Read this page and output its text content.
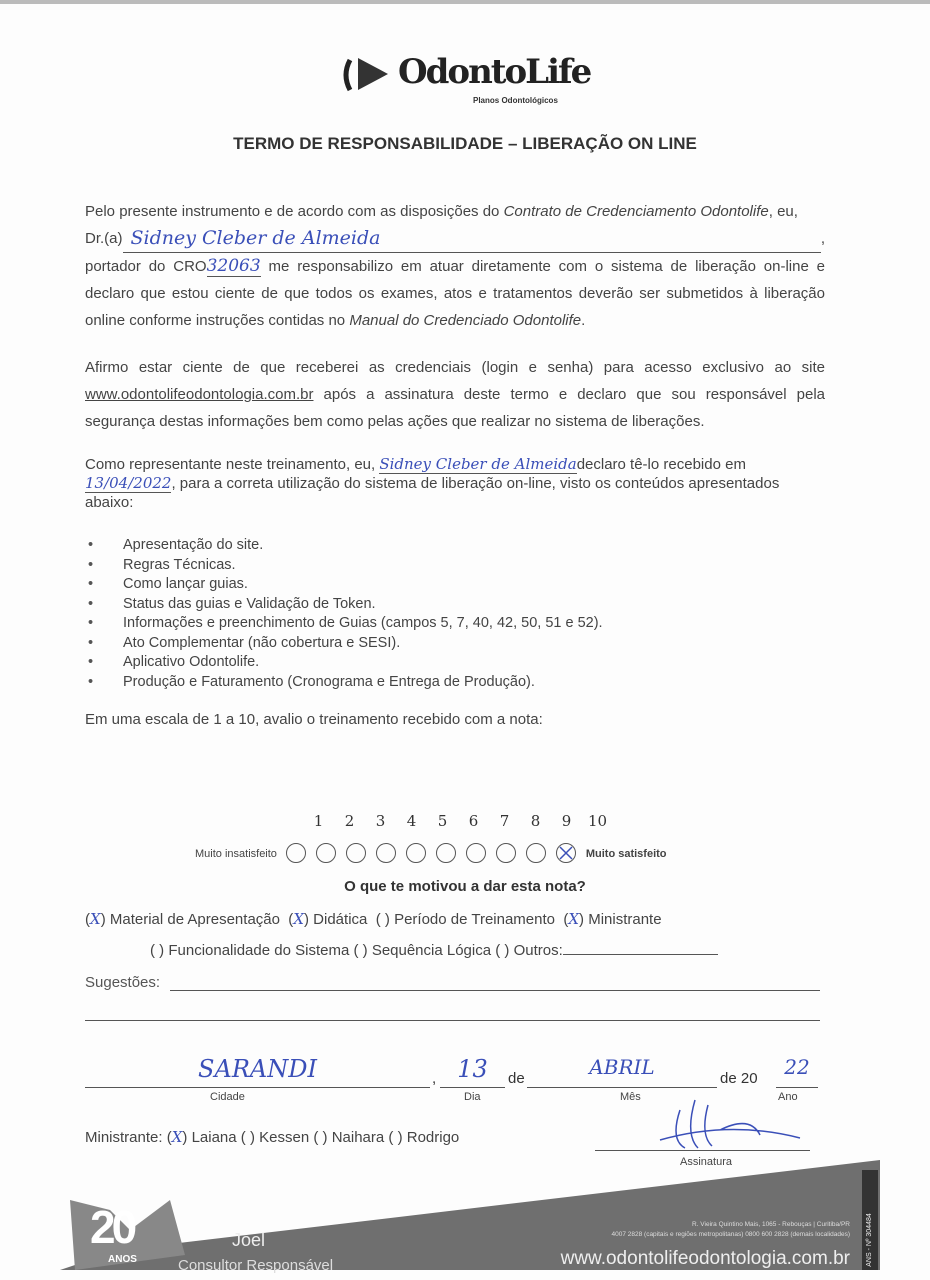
OdontoLife
Planos Odontológicos
TERMO DE RESPONSABILIDADE – LIBERAÇÃO ON LINE

Pelo presente instrumento e de acordo com as disposições do Contrato de Credenciamento Odontolife, eu,

Dr.(a) Sidney Cleber de Almeida	,

portador do CRO32063 me responsabilizo em atuar diretamente com o sistema de liberação on-line e declaro que estou ciente de que todos os exames, atos e tratamentos deverão ser submetidos à liberação online conforme instruções contidas no Manual do Credenciado Odontolife.

Afirmo estar ciente de que receberei as credenciais (login e senha) para acesso exclusivo ao site www.odontolifeodontologia.com.br após a assinatura deste termo e declaro que sou responsável pela segurança destas informações bem como pelas ações que realizar no sistema de liberações.
Como representante neste treinamento, eu, Sidney Cleber de Almeidadeclaro tê-lo recebido em 13/04/2022, para a correta utilização do sistema de liberação on-line, visto os conteúdos apresentados abaixo:
• Apresentação do site.
• Regras Técnicas.
• Como lançar guias.
• Status das guias e Validação de Token.
• Informações e preenchimento de Guias (campos 5, 7, 40, 42, 50, 51 e 52).
• Ato Complementar (não cobertura e SESI).
• Aplicativo Odontolife.
• Produção e Faturamento (Cronograma e Entrega de Produção).
Em uma escala de 1 a 10, avalio o treinamento recebido com a nota:
1 2 3 4 5 6 7 8 9 10
Muito insatisfeito	Muito satisfeito
O que te motivou a dar esta nota?
(X) Material de Apresentação  (X) Didática  ( ) Período de Treinamento  (X) Ministrante
( ) Funcionalidade do Sistema ( ) Sequência Lógica ( ) Outros:
Sugestões:
SARANDI	, 13	de	ABRIL	de 20	22
Cidade	Dia	Mês	Ano
Ministrante: (X) Laiana ( ) Kessen ( ) Naihara ( ) Rodrigo
Assinatura
20
ANOS
Joel
Consultor Responsável
R. Vieira Quintino Mais, 1065 - Rebouças | Curitiba/PR
4007 2828 (capitais e regiões metropolitanas) 0800 600 2828 (demais localidades)
www.odontolifeodontologia.com.br ANS - Nº 304484
